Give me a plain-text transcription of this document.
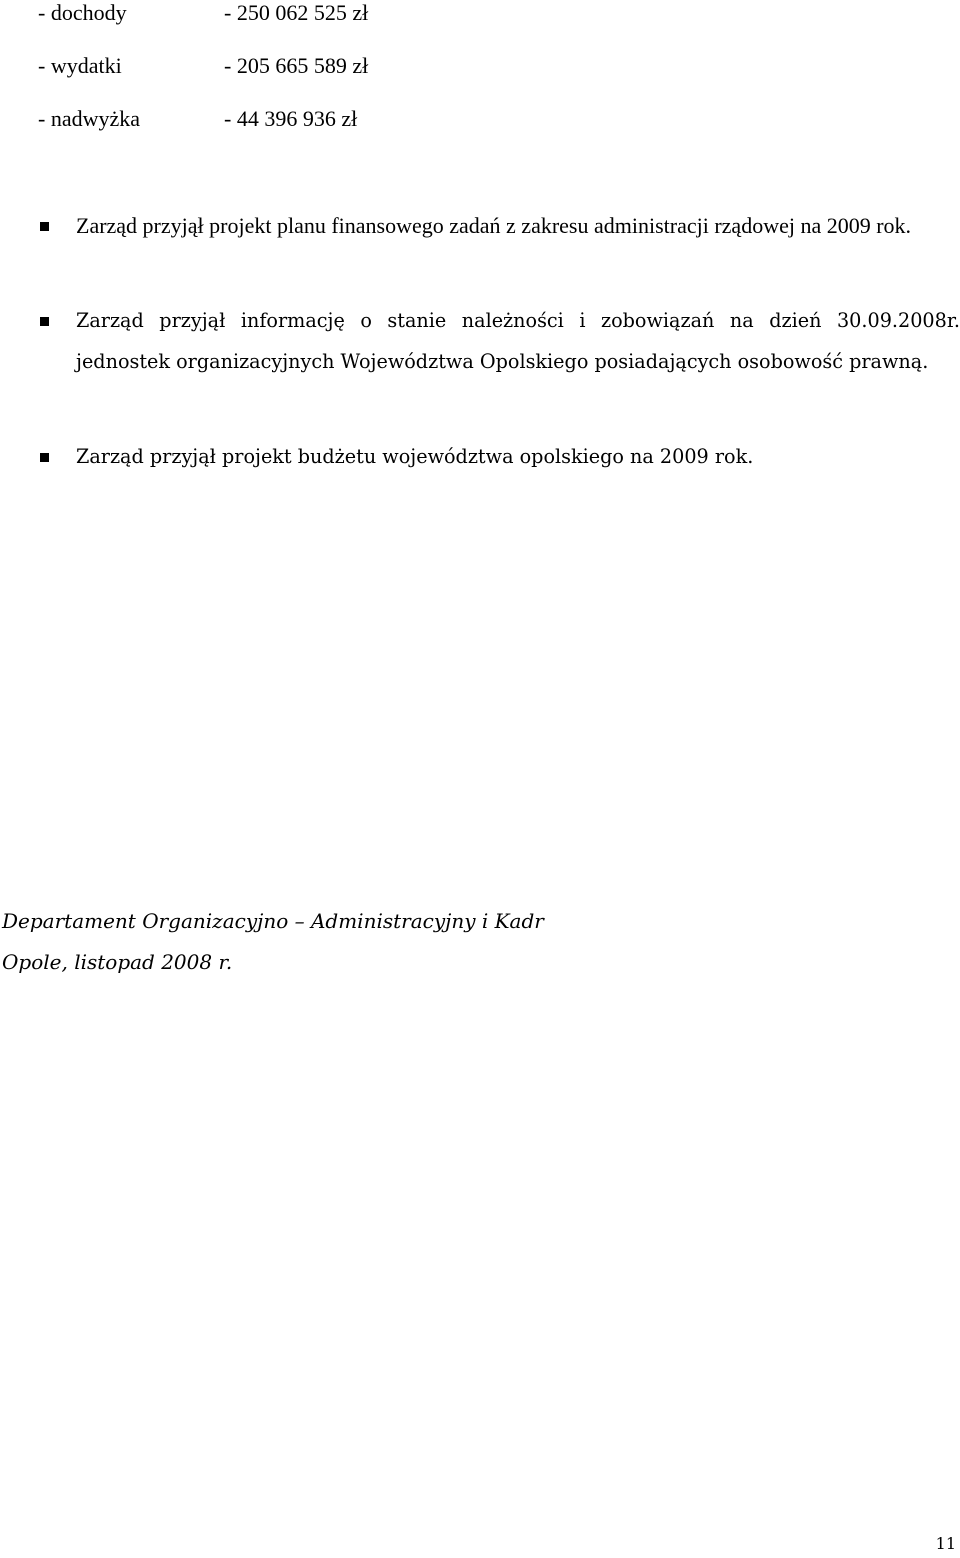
- dochody	- 250 062 525 zł
- wydatki	- 205 665 589 zł
- nadwyżka	- 44 396 936 zł
Zarząd przyjął projekt planu finansowego zadań z zakresu administracji rządowej na 2009 rok.
Zarząd przyjął informację o stanie należności i zobowiązań na dzień 30.09.2008r. jednostek organizacyjnych Województwa Opolskiego posiadających osobowość prawną.
Zarząd przyjął projekt budżetu województwa opolskiego na 2009 rok.
Departament Organizacyjno – Administracyjny i Kadr
Opole, listopad 2008 r.
11
